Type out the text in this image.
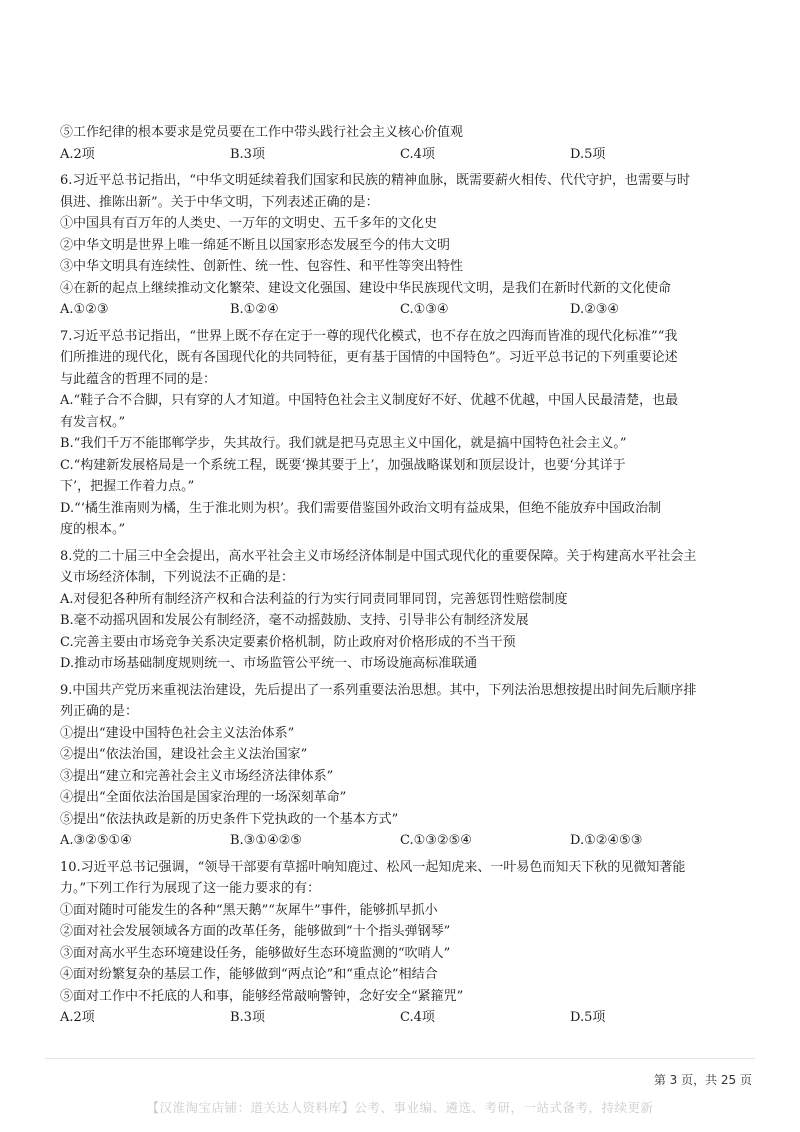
⑤工作纪律的根本要求是党员要在工作中带头践行社会主义核心价值观
A.2项	B.3项	C.4项	D.5项
6.习近平总书记指出，“中华文明延续着我们国家和民族的精神血脉，既需要薪火相传、代代守护，也需要与时
俱进、推陈出新”。关于中华文明，下列表述正确的是：
①中国具有百万年的人类史、一万年的文明史、五千多年的文化史
②中华文明是世界上唯一绵延不断且以国家形态发展至今的伟大文明
③中华文明具有连续性、创新性、统一性、包容性、和平性等突出特性
④在新的起点上继续推动文化繁荣、建设文化强国、建设中华民族现代文明，是我们在新时代新的文化使命
A.①②③	B.①②④	C.①③④	D.②③④
7.习近平总书记指出，“世界上既不存在定于一尊的现代化模式，也不存在放之四海而皆准的现代化标准”“我
们所推进的现代化，既有各国现代化的共同特征，更有基于国情的中国特色”。习近平总书记的下列重要论述
与此蕴含的哲理不同的是：
A.“鞋子合不合脚，只有穿的人才知道。中国特色社会主义制度好不好、优越不优越，中国人民最清楚，也最
有发言权。”
B.“我们千万不能邯郸学步，失其故行。我们就是把马克思主义中国化，就是搞中国特色社会主义。”
C.“构建新发展格局是一个系统工程，既要‘操其要于上’，加强战略谋划和顶层设计，也要‘分其详于
下’，把握工作着力点。”
D.“‘橘生淮南则为橘，生于淮北则为枳’。我们需要借鉴国外政治文明有益成果，但绝不能放弃中国政治制
度的根本。”
8.党的二十届三中全会提出，高水平社会主义市场经济体制是中国式现代化的重要保障。关于构建高水平社会主
义市场经济体制，下列说法不正确的是：
A.对侵犯各种所有制经济产权和合法利益的行为实行同责同罪同罚，完善惩罚性赔偿制度
B.毫不动摇巩固和发展公有制经济，毫不动摇鼓励、支持、引导非公有制经济发展
C.完善主要由市场竞争关系决定要素价格机制，防止政府对价格形成的不当干预
D.推动市场基础制度规则统一、市场监管公平统一、市场设施高标准联通
9.中国共产党历来重视法治建设，先后提出了一系列重要法治思想。其中，下列法治思想按提出时间先后顺序排
列正确的是：
①提出“建设中国特色社会主义法治体系”
②提出“依法治国，建设社会主义法治国家”
③提出“建立和完善社会主义市场经济法律体系”
④提出“全面依法治国是国家治理的一场深刻革命”
⑤提出“依法执政是新的历史条件下党执政的一个基本方式”
A.③②⑤①④	B.③①④②⑤	C.①③②⑤④	D.①②④⑤③
10.习近平总书记强调，“领导干部要有草摇叶响知鹿过、松风一起知虎来、一叶易色而知天下秋的见微知著能
力。”下列工作行为展现了这一能力要求的有：
①面对随时可能发生的各种“黑天鹅”“灰犀牛”事件，能够抓早抓小
②面对社会发展领域各方面的改革任务，能够做到“十个指头弹钢琴”
③面对高水平生态环境建设任务，能够做好生态环境监测的“吹哨人”
④面对纷繁复杂的基层工作，能够做到“两点论”和“重点论”相结合
⑤面对工作中不托底的人和事，能够经常敲响警钟，念好安全“紧箍咒”
A.2项	B.3项	C.4项	D.5项
第 3 页，共 25 页
【汉淮淘宝店铺：道关达人资料库】公考、事业编、遴选、考研，一站式备考，持续更新
